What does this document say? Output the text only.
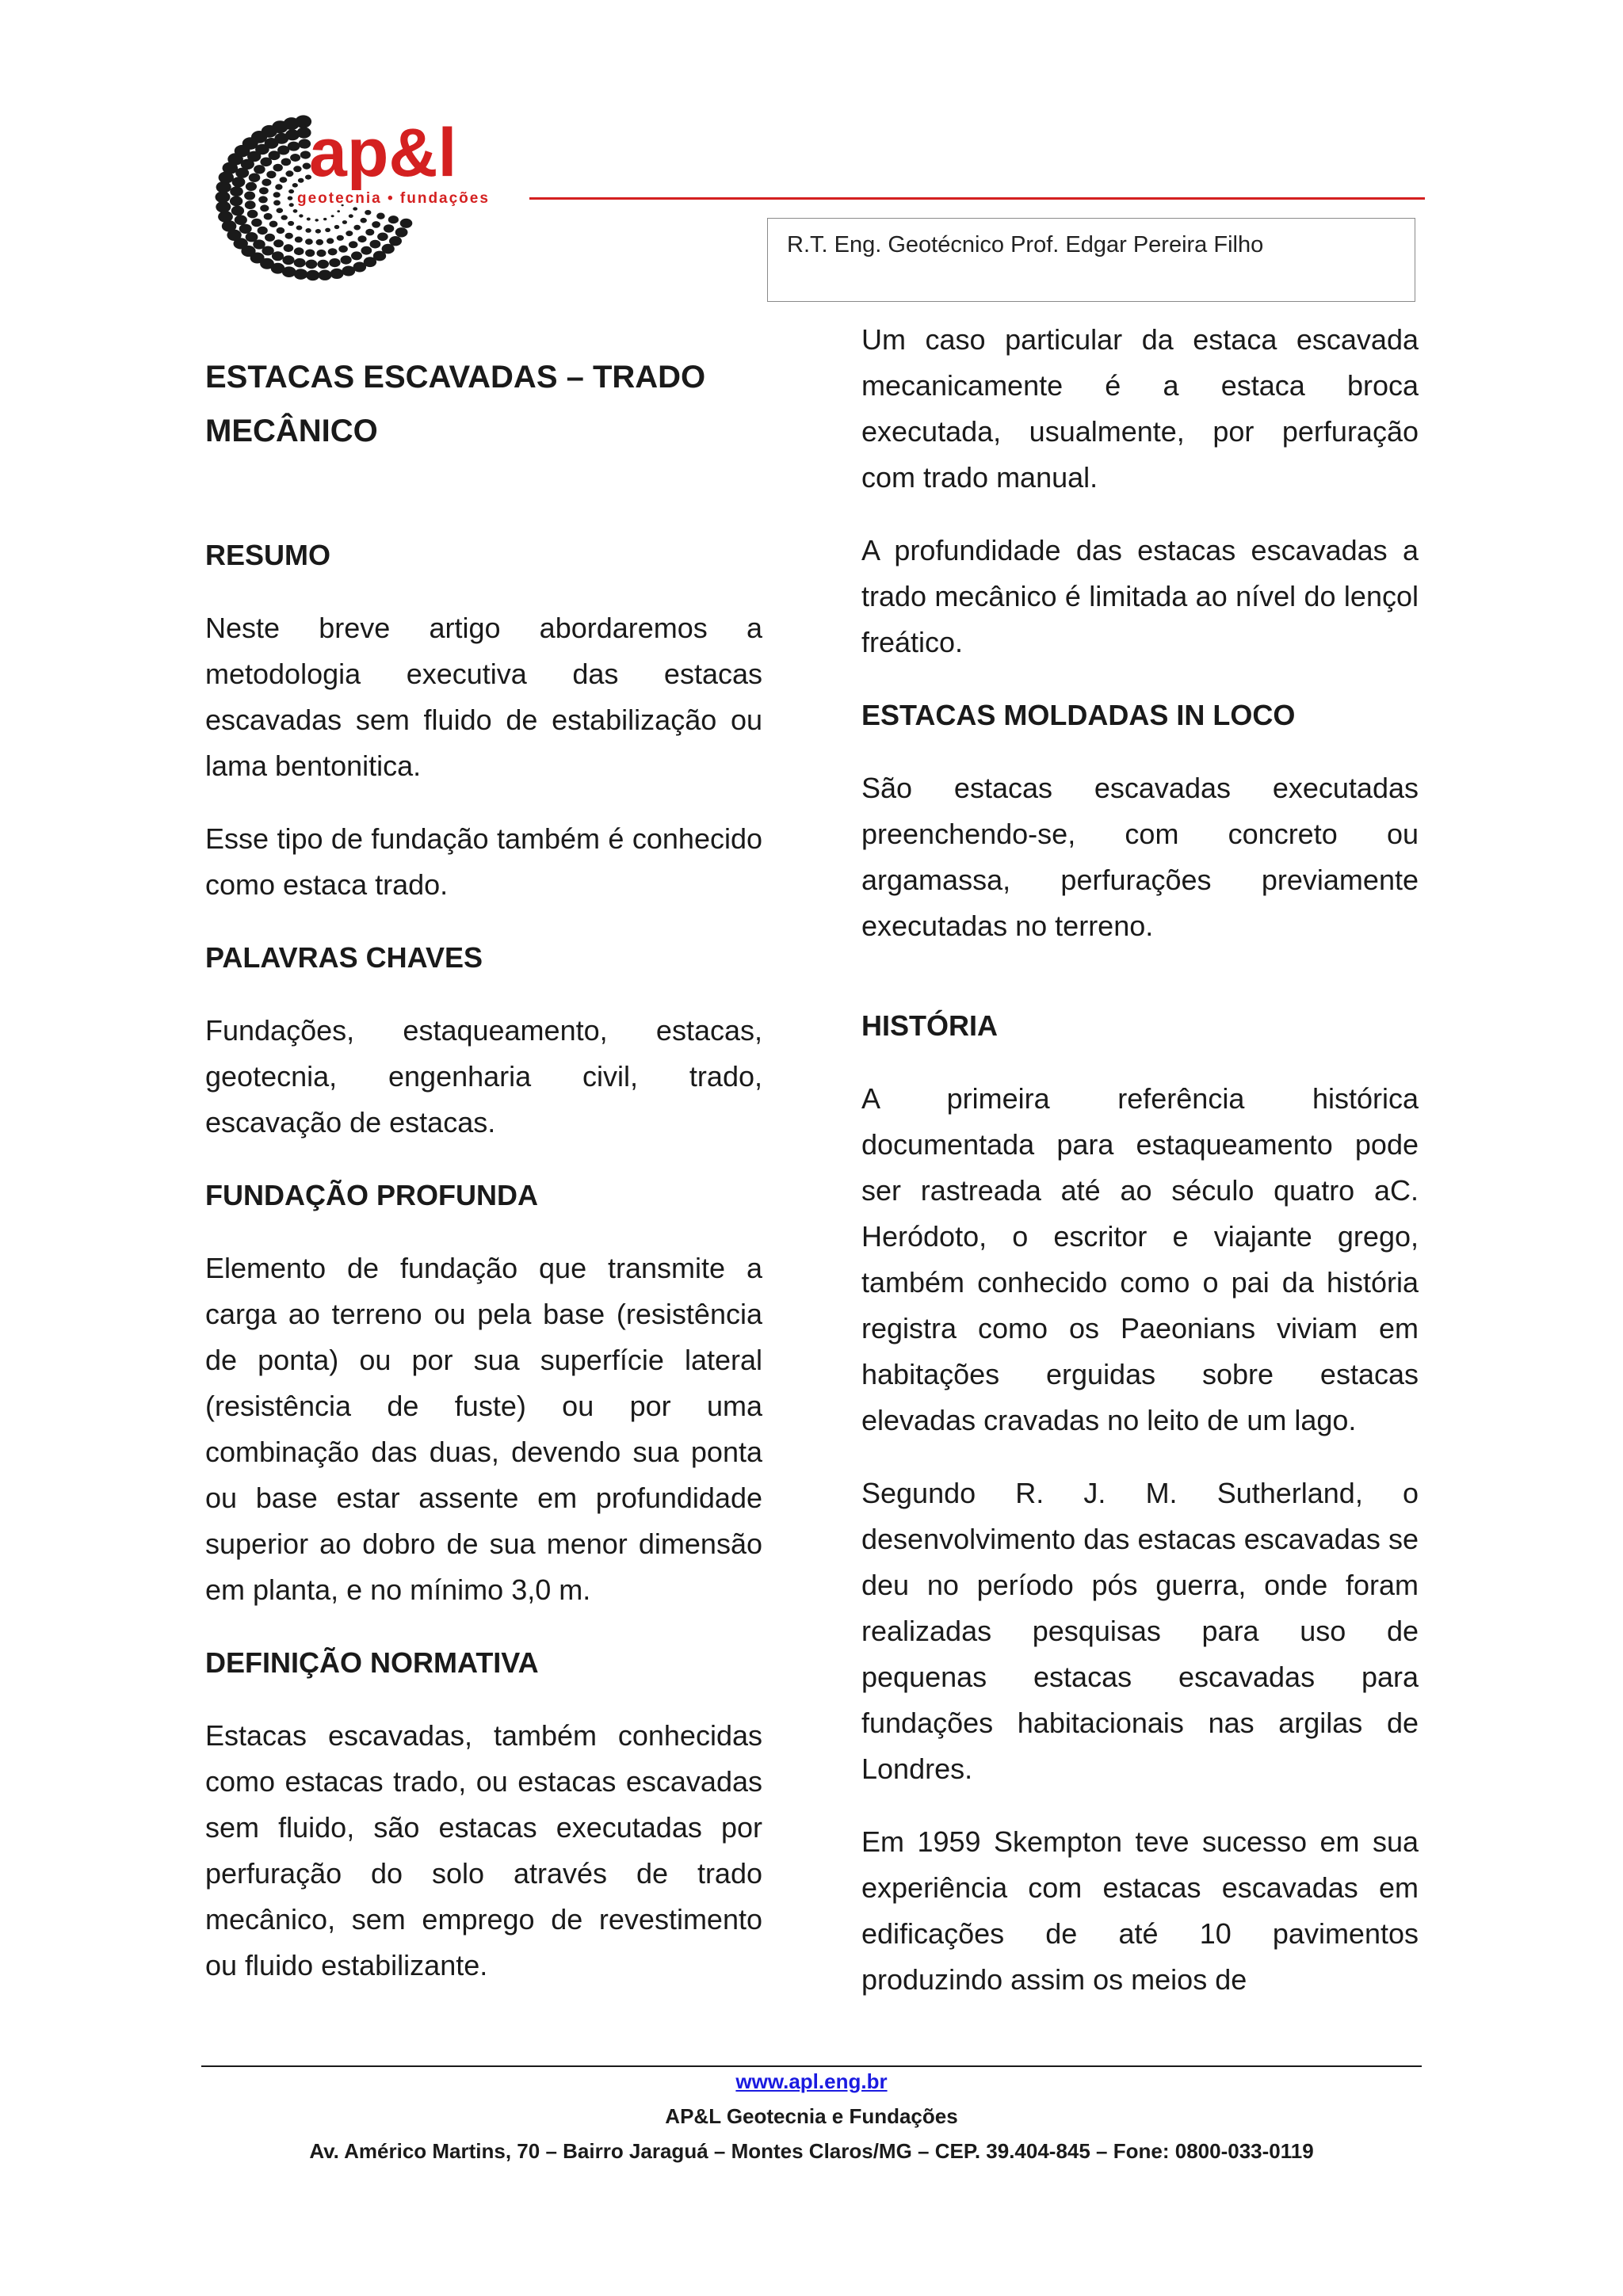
ap&l
geotecnia • fundações
R.T. Eng. Geotécnico Prof. Edgar Pereira Filho
ESTACAS ESCAVADAS – TRADO MECÂNICO
RESUMO
Neste breve artigo abordaremos a metodologia executiva das estacas escavadas sem fluido de estabilização ou lama bentonitica.
Esse tipo de fundação também é conhecido como estaca trado.
PALAVRAS CHAVES
Fundações, estaqueamento, estacas, geotecnia, engenharia civil, trado, escavação de estacas.
FUNDAÇÃO PROFUNDA
Elemento de fundação que transmite a carga ao terreno ou pela base (resistência de ponta) ou por sua superfície lateral (resistência de fuste) ou por uma combinação das duas, devendo sua ponta ou base estar assente em profundidade superior ao dobro de sua menor dimensão em planta, e no mínimo 3,0 m.
DEFINIÇÃO NORMATIVA
Estacas escavadas, também conhecidas como estacas trado, ou estacas escavadas sem fluido, são estacas executadas por perfuração do solo através de trado mecânico, sem emprego de revestimento ou fluido estabilizante.
Um caso particular da estaca escavada mecanicamente é a estaca broca executada, usualmente, por perfuração com trado manual.
A profundidade das estacas escavadas a trado mecânico é limitada ao nível do lençol freático.
ESTACAS MOLDADAS IN LOCO
São estacas escavadas executadas preenchendo-se, com concreto ou argamassa, perfurações previamente executadas no terreno.
HISTÓRIA
A primeira referência histórica documentada para estaqueamento pode ser rastreada até ao século quatro aC. Heródoto, o escritor e viajante grego, também conhecido como o pai da história registra como os Paeonians viviam em habitações erguidas sobre estacas elevadas cravadas no leito de um lago.
Segundo R. J. M. Sutherland, o desenvolvimento das estacas escavadas se deu no período pós guerra, onde foram realizadas pesquisas para uso de pequenas estacas escavadas para fundações habitacionais nas argilas de Londres.
Em 1959 Skempton teve sucesso em sua experiência com estacas escavadas em edificações de até 10 pavimentos produzindo assim os meios de
www.apl.eng.br
AP&L Geotecnia e Fundações
Av. Américo Martins, 70 – Bairro Jaraguá – Montes Claros/MG – CEP. 39.404-845 – Fone: 0800-033-0119
